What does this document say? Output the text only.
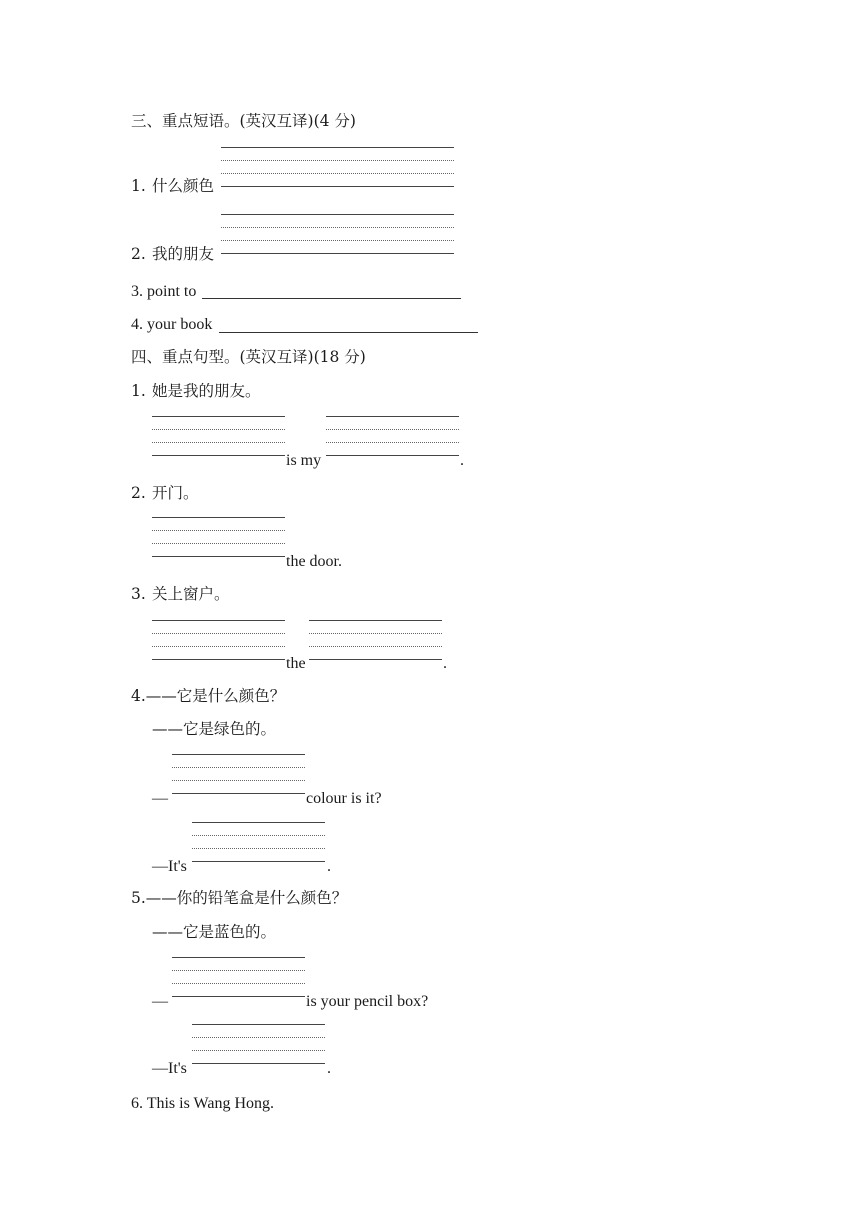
三、重点短语。(英汉互译)(4 分)
1. 什么颜色
2. 我的朋友
3. point to
4. your book
四、重点句型。(英汉互译)(18 分)
1. 她是我的朋友。
is my	.
2. 开门。
the door.
3. 关上窗户。
the	.
4.——它是什么颜色？
——它是绿色的。
—	colour is it?
—It's	.
5.——你的铅笔盒是什么颜色？
——它是蓝色的。
—	is your pencil box?
—It's	.
6. This is Wang Hong.
